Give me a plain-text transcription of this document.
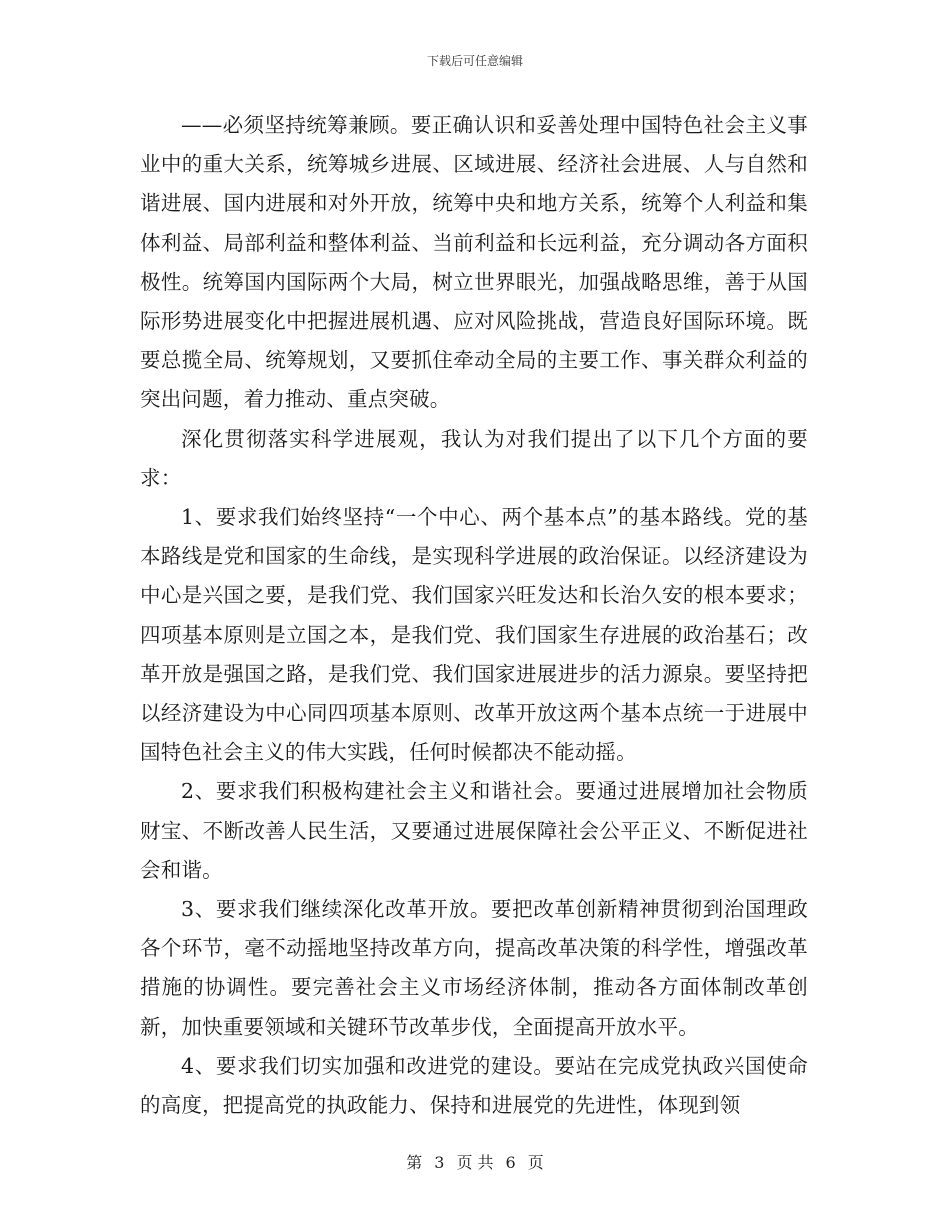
下载后可任意编辑

——必须坚持统筹兼顾。要正确认识和妥善处理中国特色社会主义事业中的重大关系，统筹城乡进展、区域进展、经济社会进展、人与自然和谐进展、国内进展和对外开放，统筹中央和地方关系，统筹个人利益和集体利益、局部利益和整体利益、当前利益和长远利益，充分调动各方面积极性。统筹国内国际两个大局，树立世界眼光，加强战略思维，善于从国际形势进展变化中把握进展机遇、应对风险挑战，营造良好国际环境。既要总揽全局、统筹规划，又要抓住牵动全局的主要工作、事关群众利益的突出问题，着力推动、重点突破。

深化贯彻落实科学进展观，我认为对我们提出了以下几个方面的要求：

1、要求我们始终坚持“一个中心、两个基本点”的基本路线。党的基本路线是党和国家的生命线，是实现科学进展的政治保证。以经济建设为中心是兴国之要，是我们党、我们国家兴旺发达和长治久安的根本要求；四项基本原则是立国之本，是我们党、我们国家生存进展的政治基石；改革开放是强国之路，是我们党、我们国家进展进步的活力源泉。要坚持把以经济建设为中心同四项基本原则、改革开放这两个基本点统一于进展中国特色社会主义的伟大实践，任何时候都决不能动摇。

2、要求我们积极构建社会主义和谐社会。要通过进展增加社会物质财宝、不断改善人民生活，又要通过进展保障社会公平正义、不断促进社会和谐。

3、要求我们继续深化改革开放。要把改革创新精神贯彻到治国理政各个环节，毫不动摇地坚持改革方向，提高改革决策的科学性，增强改革措施的协调性。要完善社会主义市场经济体制，推动各方面体制改革创新，加快重要领域和关键环节改革步伐，全面提高开放水平。

4、要求我们切实加强和改进党的建设。要站在完成党执政兴国使命的高度，把提高党的执政能力、保持和进展党的先进性，体现到领

第 3 页 共 6 页
